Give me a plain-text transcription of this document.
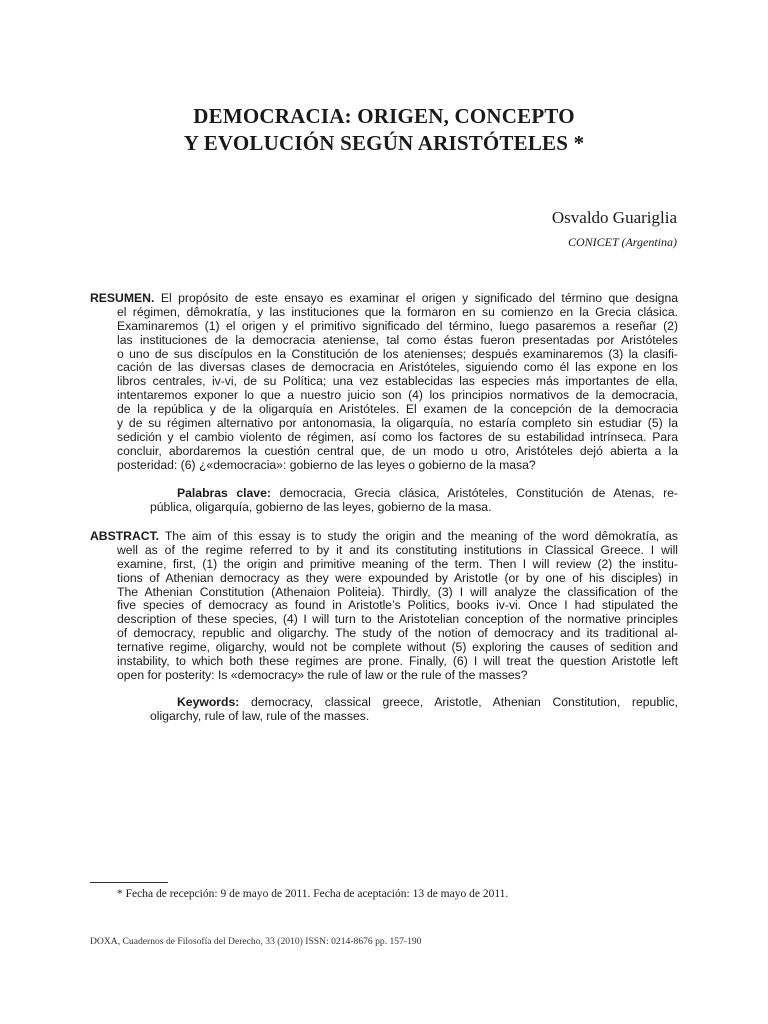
DEMOCRACIA: ORIGEN, CONCEPTO
Y EVOLUCIÓN SEGÚN ARISTÓTELES *
Osvaldo Guariglia
CONICET (Argentina)
RESUMEN. El propósito de este ensayo es examinar el origen y significado del término que designa
el régimen, dêmokratía, y las instituciones que la formaron en su comienzo en la Grecia clásica.
Examinaremos (1) el origen y el primitivo significado del término, luego pasaremos a reseñar (2)
las instituciones de la democracia ateniense, tal como éstas fueron presentadas por Aristóteles
o uno de sus discípulos en la Constitución de los atenienses; después examinaremos (3) la clasifi-
cación de las diversas clases de democracia en Aristóteles, siguiendo como él las expone en los
libros centrales, iv-vi, de su Política; una vez establecidas las especies más importantes de ella,
intentaremos exponer lo que a nuestro juicio son (4) los principios normativos de la democracia,
de la república y de la oligarquía en Aristóteles. El examen de la concepción de la democracia
y de su régimen alternativo por antonomasia, la oligarquía, no estaría completo sin estudiar (5) la
sedición y el cambio violento de régimen, así como los factores de su estabilidad intrínseca. Para
concluir, abordaremos la cuestión central que, de un modo u otro, Aristóteles dejó abierta a la
posteridad: (6) ¿«democracia»: gobierno de las leyes o gobierno de la masa?
Palabras clave: democracia, Grecia clásica, Aristóteles, Constitución de Atenas, re-
pública, oligarquía, gobierno de las leyes, gobierno de la masa.
ABSTRACT. The aim of this essay is to study the origin and the meaning of the word dêmokratía, as
well as of the regime referred to by it and its constituting institutions in Classical Greece. I will
examine, first, (1) the origin and primitive meaning of the term. Then I will review (2) the institu-
tions of Athenian democracy as they were expounded by Aristotle (or by one of his disciples) in
The Athenian Constitution (Athenaion Politeia). Thirdly, (3) I will analyze the classification of the
five species of democracy as found in Aristotle’s Politics, books iv-vi. Once I had stipulated the
description of these species, (4) I will turn to the Aristotelian conception of the normative principles
of democracy, republic and oligarchy. The study of the notion of democracy and its traditional al-
ternative regime, oligarchy, would not be complete without (5) exploring the causes of sedition and
instability, to which both these regimes are prone. Finally, (6) I will treat the question Aristotle left
open for posterity: Is «democracy» the rule of law or the rule of the masses?
Keywords: democracy, classical greece, Aristotle, Athenian Constitution, republic,
oligarchy, rule of law, rule of the masses.
* Fecha de recepción: 9 de mayo de 2011. Fecha de aceptación: 13 de mayo de 2011.
DOXA, Cuadernos de Filosofía del Derecho, 33 (2010) ISSN: 0214-8676 pp. 157-190
